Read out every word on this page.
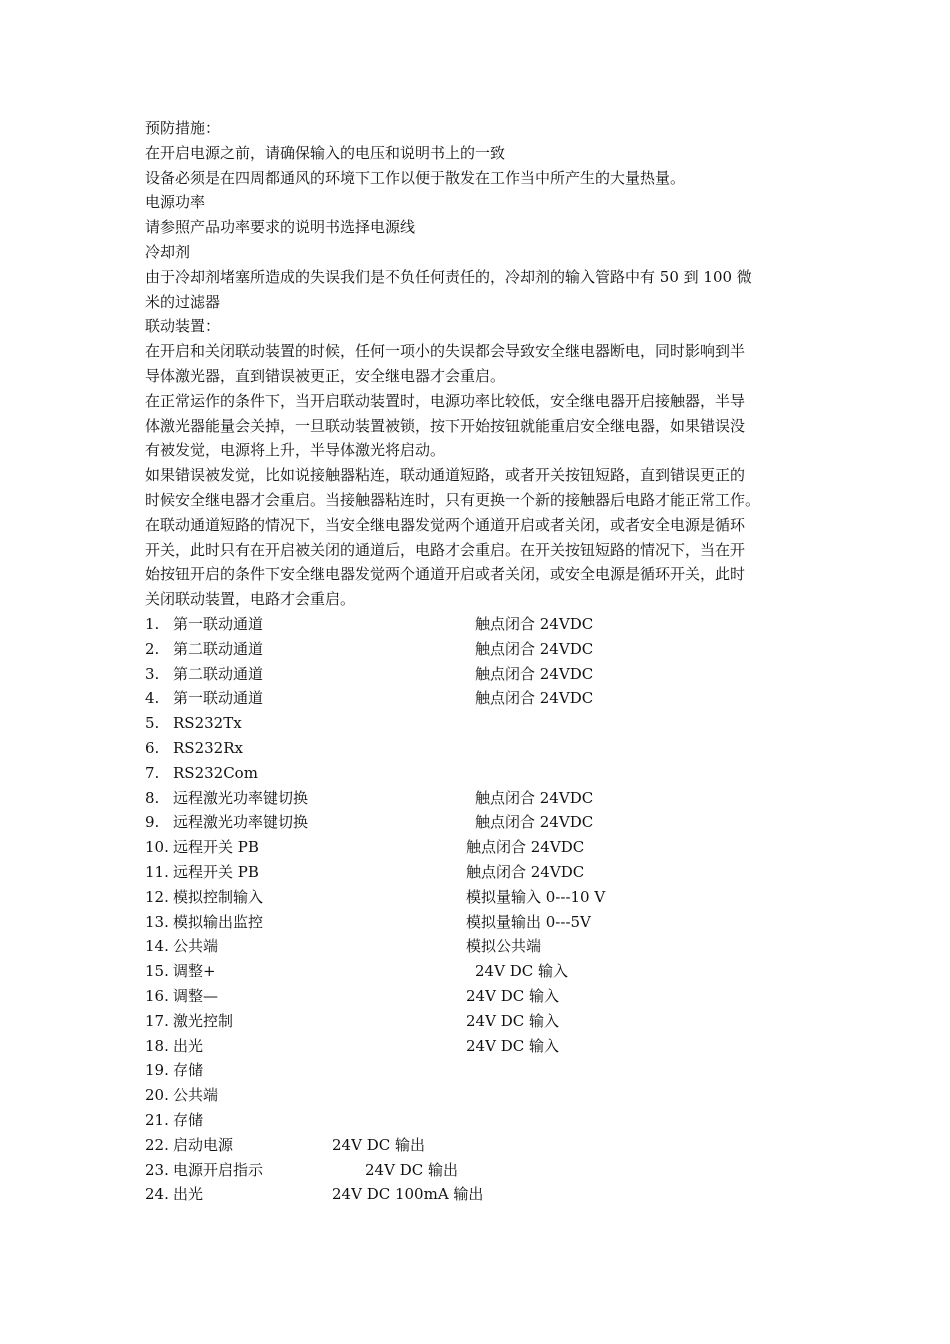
预防措施：
在开启电源之前，请确保输入的电压和说明书上的一致
设备必须是在四周都通风的环境下工作以便于散发在工作当中所产生的大量热量。
电源功率
请参照产品功率要求的说明书选择电源线
冷却剂
由于冷却剂堵塞所造成的失误我们是不负任何责任的，冷却剂的输入管路中有 50 到 100 微
米的过滤器
联动装置：
在开启和关闭联动装置的时候，任何一项小的失误都会导致安全继电器断电，同时影响到半
导体激光器，直到错误被更正，安全继电器才会重启。
在正常运作的条件下，当开启联动装置时，电源功率比较低，安全继电器开启接触器，半导
体激光器能量会关掉，一旦联动装置被锁，按下开始按钮就能重启安全继电器，如果错误没
有被发觉，电源将上升，半导体激光将启动。
如果错误被发觉，比如说接触器粘连，联动通道短路，或者开关按钮短路，直到错误更正的
时候安全继电器才会重启。当接触器粘连时，只有更换一个新的接触器后电路才能正常工作。
在联动通道短路的情况下，当安全继电器发觉两个通道开启或者关闭，或者安全电源是循环
开关，此时只有在开启被关闭的通道后，电路才会重启。在开关按钮短路的情况下，当在开
始按钮开启的条件下安全继电器发觉两个通道开启或者关闭，或安全电源是循环开关，此时
关闭联动装置，电路才会重启。
1. 第一联动通道	触点闭合 24VDC
2. 第二联动通道	触点闭合 24VDC
3. 第二联动通道	触点闭合 24VDC
4. 第一联动通道	触点闭合 24VDC
5. RS232Tx
6. RS232Rx
7. RS232Com
8. 远程激光功率键切换	触点闭合 24VDC
9. 远程激光功率键切换	触点闭合 24VDC
10. 远程开关 PB	触点闭合 24VDC
11. 远程开关 PB	触点闭合 24VDC
12. 模拟控制输入	模拟量输入 0---10 V
13. 模拟输出监控	模拟量输出 0---5V
14. 公共端	模拟公共端
15. 调整+	24V DC 输入
16. 调整—	24V DC 输入
17. 激光控制	24V DC 输入
18. 出光	24V DC 输入
19. 存储
20. 公共端
21. 存储
22. 启动电源	24V DC 输出
23. 电源开启指示	24V DC 输出
24. 出光	24V DC 100mA 输出
